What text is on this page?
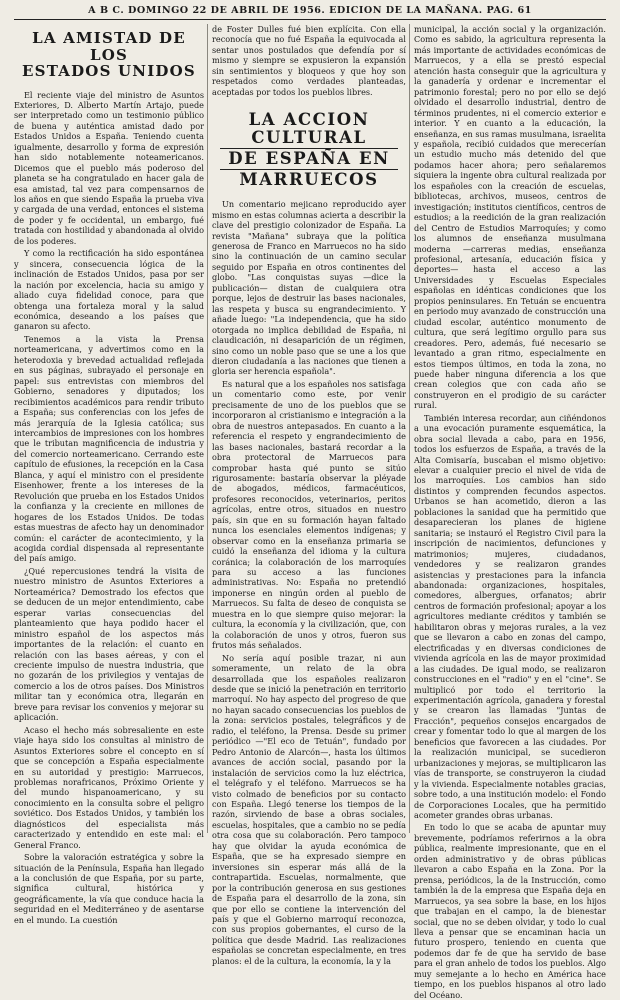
A B C. DOMINGO 22 DE ABRIL DE 1956. EDICION DE LA MAÑANA. PAG. 61
LA AMISTAD DE LOS
ESTADOS UNIDOS

El reciente viaje del ministro de Asuntos Exteriores, D. Alberto Martín Artajo, puede ser interpretado como un testimonio público de buena y auténtica amistad dado por Estados Unidos a España. Teniendo cuenta igualmente, desarrollo y forma de expresión han sido notablemente noteamericanos. Dicemos que el pueblo más poderoso del planeta se ha congratulado en hacer gala de esa amistad, tal vez para compensarnos de los años en que siendo España la prueba viva y cargada de una verdad, entonces el sistema de poder y fe occidental, un embargo, fué tratada con hostilidad y abandonada al olvido de los poderes.

Y como la rectificación ha sido espontánea y sincera, consecuencia lógica de la inclinación de Estados Unidos, pasa por ser la nación por excelencia, hacia su amigo y aliado cuya fidelidad conoce, para que obtenga una fortaleza moral y la salud económica, deseando a los países que ganaron su afecto.

Tenemos a la vista la Prensa norteamericana, y advertimos como en la heterodoxia y brevedad actualidad reflejada en sus páginas, subrayado el personaje en papel: sus entrevistas con miembros del Gobierno, senadores y diputados; los recibimientos académicos para rendir tributo a España; sus conferencias con los jefes de más jerarquía de la Iglesia católica; sus intercambios de impresiones con los hombres que le tributan magnificencia de industria y del comercio norteamericano. Cerrando este capítulo de efusiones, la recepción en la Casa Blanca, y aquí el ministro con el presidente Eisenhower, frente a los intereses de la Revolución que prueba en los Estados Unidos la confianza y la creciente en millones de hogares de los Estados Unidos. De todas estas muestras de afecto hay un denominador común: el carácter de acontecimiento, y la acogida cordial dispensada al representante del país amigo.

¿Qué repercusiones tendrá la visita de nuestro ministro de Asuntos Exteriores a Norteamérica? Demostrado los efectos que se deducen de un mejor entendimiento, cabe esperar varias consecuencias del planteamiento que haya podido hacer el ministro español de los aspectos más importantes de la relación: el cuanto en relación con las bases aéreas, y con el creciente impulso de nuestra industria, que no gozarán de los privilegios y ventajas de comercio a los de otros países. Dos Ministros militar tan y económica otra, llegarán en breve para revisar los convenios y mejorar su aplicación.

Acaso el hecho más sobresaliente en este viaje haya sido los consultas al ministro de Asuntos Exteriores sobre el concepto en sí que se concepción a España especialmente en su autoridad y prestigio: Marruecos, problemas norafricanos, Próximo Oriente y del mundo hispanoamericano, y su conocimiento en la consulta sobre el peligro soviético. Dos Estados Unidos, y también los diagnósticos del especialista más caracterizado y entendido en este mal: el General Franco.

Sobre la valoración estratégica y sobre la situación de la Península, España han llegado a la conclusión de que España, por su parte, significa cultural, histórica y geográficamente, la vía que conduce hacia la seguridad en el Mediterráneo y de asentarse en el mundo. La cuestión

de Foster Dulles fué bien explícita. Con ella reconocía que no fué España la equivocada al sentar unos postulados que defendía por sí mismo y siempre se expusieron la expansión sin sentimientos y bloqueos y que hoy son respetados como verdades planteadas, aceptadas por todos los pueblos libres.

LA ACCION CULTURAL
DE ESPAÑA EN
MARRUECOS

Un comentario mejicano reproducido ayer mismo en estas columnas acierta a describir la clave del prestigio colonizador de España. La revista "Mañana" subraya que la política generosa de Franco en Marruecos no ha sido sino la continuación de un camino secular seguido por España en otros continentes del globo. "Las conquistas suyas —dice la publicación— distan de cualquiera otra porque, lejos de destruir las bases nacionales, las respeta y busca su engrandecimiento. Y añade luego: "La independencia, que ha sido otorgada no implica debilidad de España, ni claudicación, ni desaparición de un régimen, sino como un noble paso que se une a los que dieron ciudadanía a las naciones que tienen a gloria ser herencia española".

Es natural que a los españoles nos satisfaga un comentario como este, por venir precisamente de uno de los pueblos que se incorporaron al cristianismo e integración a la obra de nuestros antepasados. En cuanto a la referencia el respeto y engrandecimiento de las bases nacionales, bastará recordar a la obra protectoral de Marruecos para comprobar hasta qué punto se sitúo rigurosamente: bastaría observar la pléyade de abogados, médicos, farmacéuticos, profesores reconocidos, veterinarios, peritos agrícolas, entre otros, situados en nuestro país, sin que en su formación hayan faltado nunca los esenciales elementos indígenas; y observar como en la enseñanza primaria se cuidó la enseñanza del idioma y la cultura coránica; la colaboración de los marroquíes para su acceso a las funciones administrativas. No: España no pretendió imponerse en ningún orden al pueblo de Marruecos. Su falta de deseo de conquista se muestra en lo que siempre quiso mejorar: la cultura, la economía y la civilización, que, con la colaboración de unos y otros, fueron sus frutos más señalados.

No sería aquí posible trazar, ni aun someramente, un relato de la obra desarrollada que los españoles realizaron desde que se inició la penetración en territorio marroquí. No hay aspecto del progreso de que no hayan sacado consecuencias los pueblos de la zona: servicios postales, telegráficos y de radio, el teléfono, la Prensa. Desde su primer periódico —"El eco de Tetuán", fundado por Pedro Antonio de Alarcón—, hasta los últimos avances de acción social, pasando por la instalación de servicios como la luz eléctrica, el telégrafo y el teléfono. Marruecos se ha visto colmado de beneficios por su contacto con España. Llegó tenerse los tiempos de la razón, sirviendo de base a obras sociales, escuelas, hospitales, que a cambio no se pedía otra cosa que su colaboración. Pero tampoco hay que olvidar la ayuda económica de España, que se ha expresado siempre en inversiones sin esperar más allá de la contrapartida. Escuelas, normalmente, que por la contribución generosa en sus gestiones de España para el desarrollo de la zona, sin que por ello se contiene la intervención del país y que el Gobierno marroquí reconozca, con sus propios gobernantes, el curso de la política que desde Madrid. Las realizaciones españolas se concretan especialmente, en tres planos: el de la cultura, la economía, la y la

municipal, la acción social y la organización. Como es sabido, la agricultura representa la más importante de actividades económicas de Marruecos, y a ella se prestó especial atención hasta conseguir que la agricultura y la ganadería y ordenar e incrementar el patrimonio forestal; pero no por ello se dejó olvidado el desarrollo industrial, dentro de términos prudentes, ni el comercio exterior e interior. Y en cuanto a la educación, la enseñanza, en sus ramas musulmana, israelita y española, recibió cuidados que merecerían un estudio mucho más detenido del que podamos hacer ahora; pero señalaremos siquiera la ingente obra cultural realizada por los españoles con la creación de escuelas, bibliotecas, archivos, museos, centros de investigación; institutos científicos, centros de estudios; a la reedición de la gran realización del Centro de Estudios Marroquíes; y como los alumnos de enseñanza musulmana moderna —carreras medias, enseñanza profesional, artesanía, educación física y deportes— hasta el acceso a las Universidades y Escuelas Especiales españolas en idénticas condiciones que los propios peninsulares. En Tetuán se encuentra en periodo muy avanzado de construcción una ciudad escolar, auténtico monumento de cultura, que será legítimo orgullo para sus creadores. Pero, además, fué necesario se levantado a gran ritmo, especialmente en estos tiempos últimos, en toda la zona, no puede haber ninguna diferencia a los que crean colegios que con cada año se construyeron en el prodigio de su carácter rural.

También interesa recordar, aun ciñéndonos a una evocación puramente esquemática, la obra social llevada a cabo, para en 1956, todos los esfuerzos de España, a través de la Alta Comisaría, buscaban el mismo objetivo: elevar a cualquier precio el nivel de vida de los marroquíes. Los cambios han sido distintos y comprenden fecundos aspectos. Urbanos se han acometido, dieron a las poblaciones la sanidad que ha permitido que desaparecieran los planes de higiene sanitaria; se instauró el Registro Civil para la inscripción de nacimientos, defunciones y matrimonios; mujeres, ciudadanos, vendedores y se realizaron grandes asistencias y prestaciones para la infancia abandonada: organizaciones, hospitales, comedores, albergues, orfanatos; abrir centros de formación profesional; apoyar a los agricultores mediante créditos y también se habilitaron obras y mejoras rurales, a la vez que se llevaron a cabo en zonas del campo, electrificadas y en diversas condiciones de vivienda agrícola en las de mayor proximidad a las ciudades. De igual modo, se realizaron construcciones en el "radio" y en el "cine". Se multiplicó por todo el territorio la experimentación agrícola, ganadera y forestal y se crearon las llamadas "Juntas de Fracción", pequeños consejos encargados de crear y fomentar todo lo que al margen de los beneficios que favorecen a las ciudades. Por la realización municipal, se sucedieron urbanizaciones y mejoras, se multiplicaron las vías de transporte, se construyeron la ciudad y la vivienda. Especialmente notables gracias, sobre todo, a una institución modelo: el Fondo de Corporaciones Locales, que ha permitido acometer grandes obras urbanas.

En todo lo que se acaba de apuntar muy brevemente, podríamos referirnos a la obra pública, realmente impresionante, que en el orden administrativo y de obras públicas llevaron a cabo España en la Zona. Por la prensa, periódicos, la de la Instrucción, como también la de la empresa que España deja en Marruecos, ya sea sobre la base, en los hijos que trabajan en el campo, la de bienestar social, que no se deben olvidar, y todo lo cual lleva a pensar que se encaminan hacia un futuro prospero, teniendo en cuenta que podemos dar fe de que ha servido de base para el gran anhelo de todos los pueblos. Algo muy semejante a lo hecho en América hace tiempo, en los pueblos hispanos al otro lado del Océano.
